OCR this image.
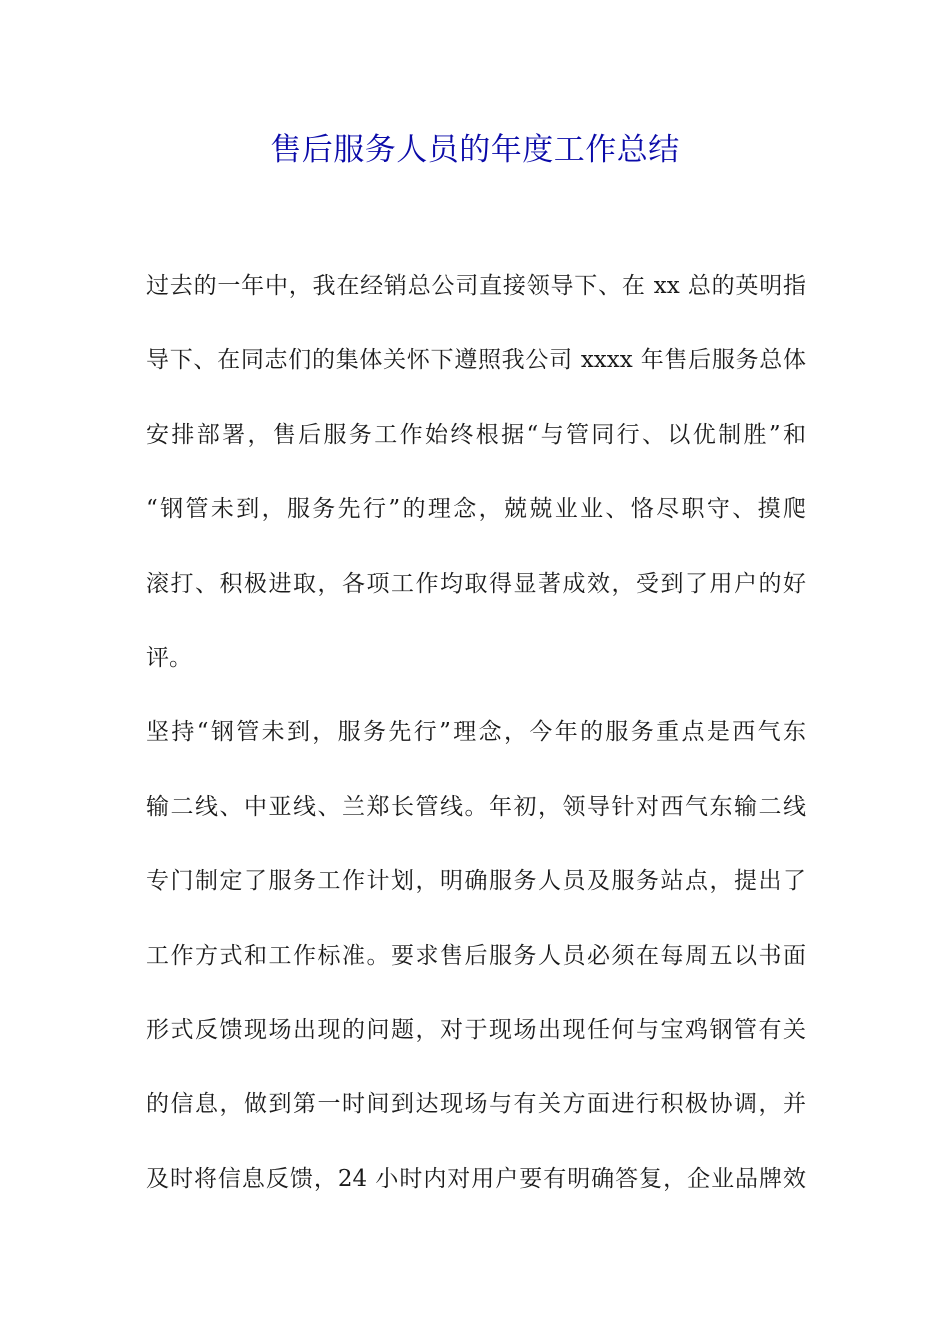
售后服务人员的年度工作总结
过去的一年中，我在经销总公司直接领导下、在 xx 总的英明指
导下、在同志们的集体关怀下遵照我公司 xxxx 年售后服务总体
安排部署，售后服务工作始终根据“与管同行、以优制胜”和
“钢管未到，服务先行”的理念，兢兢业业、恪尽职守、摸爬
滚打、积极进取，各项工作均取得显著成效，受到了用户的好
评。
坚持“钢管未到，服务先行”理念，今年的服务重点是西气东
输二线、中亚线、兰郑长管线。年初，领导针对西气东输二线
专门制定了服务工作计划，明确服务人员及服务站点，提出了
工作方式和工作标准。要求售后服务人员必须在每周五以书面
形式反馈现场出现的问题，对于现场出现任何与宝鸡钢管有关
的信息，做到第一时间到达现场与有关方面进行积极协调，并
及时将信息反馈，24 小时内对用户要有明确答复，企业品牌效
